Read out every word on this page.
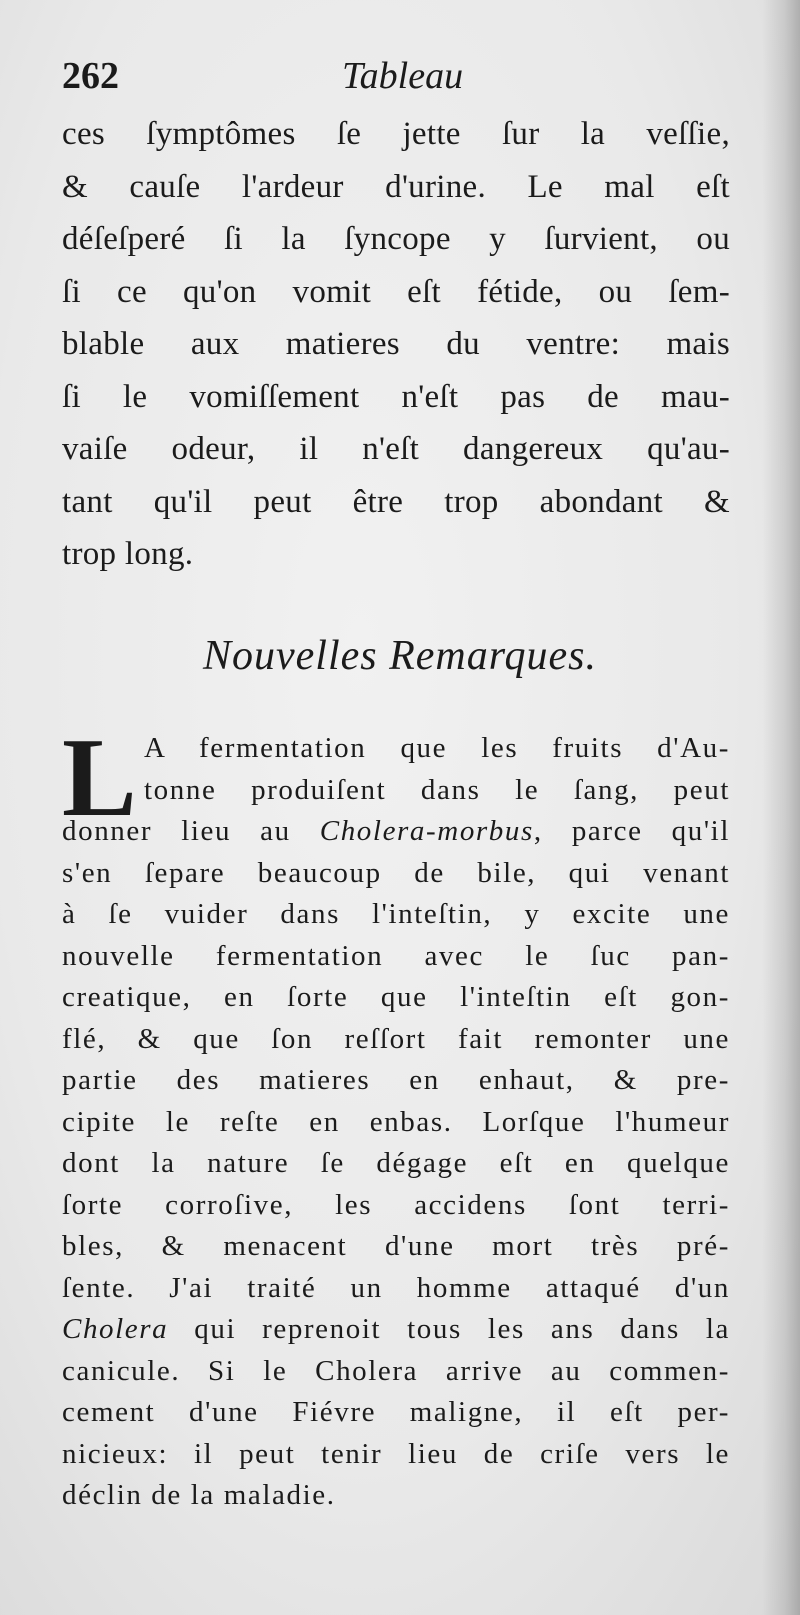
262	Tableau
ces ſymptômes ſe jette ſur la veſſie,
& cauſe l'ardeur d'urine. Le mal eſt
déſeſperé ſi la ſyncope y ſurvient, ou
ſi ce qu'on vomit eſt fétide, ou ſem-
blable aux matieres du ventre: mais
ſi le vomiſſement n'eſt pas de mau-
vaiſe odeur, il n'eſt dangereux qu'au-
tant qu'il peut être trop abondant &
trop long.
Nouvelles Remarques.
L A fermentation que les fruits d'Au-
tonne produiſent dans le ſang, peut
donner lieu au Cholera-morbus, parce qu'il
s'en ſepare beaucoup de bile, qui venant
à ſe vuider dans l'inteſtin, y excite une
nouvelle fermentation avec le ſuc pan-
creatique, en ſorte que l'inteſtin eſt gon-
flé, & que ſon reſſort fait remonter une
partie des matieres en enhaut, & pre-
cipite le reſte en enbas. Lorſque l'humeur
dont la nature ſe dégage eſt en quelque
ſorte corroſive, les accidens ſont terri-
bles, & menacent d'une mort très pré-
ſente. J'ai traité un homme attaqué d'un
Cholera qui reprenoit tous les ans dans la
canicule. Si le Cholera arrive au commen-
cement d'une Fiévre maligne, il eſt per-
nicieux: il peut tenir lieu de criſe vers le
déclin de la maladie.
